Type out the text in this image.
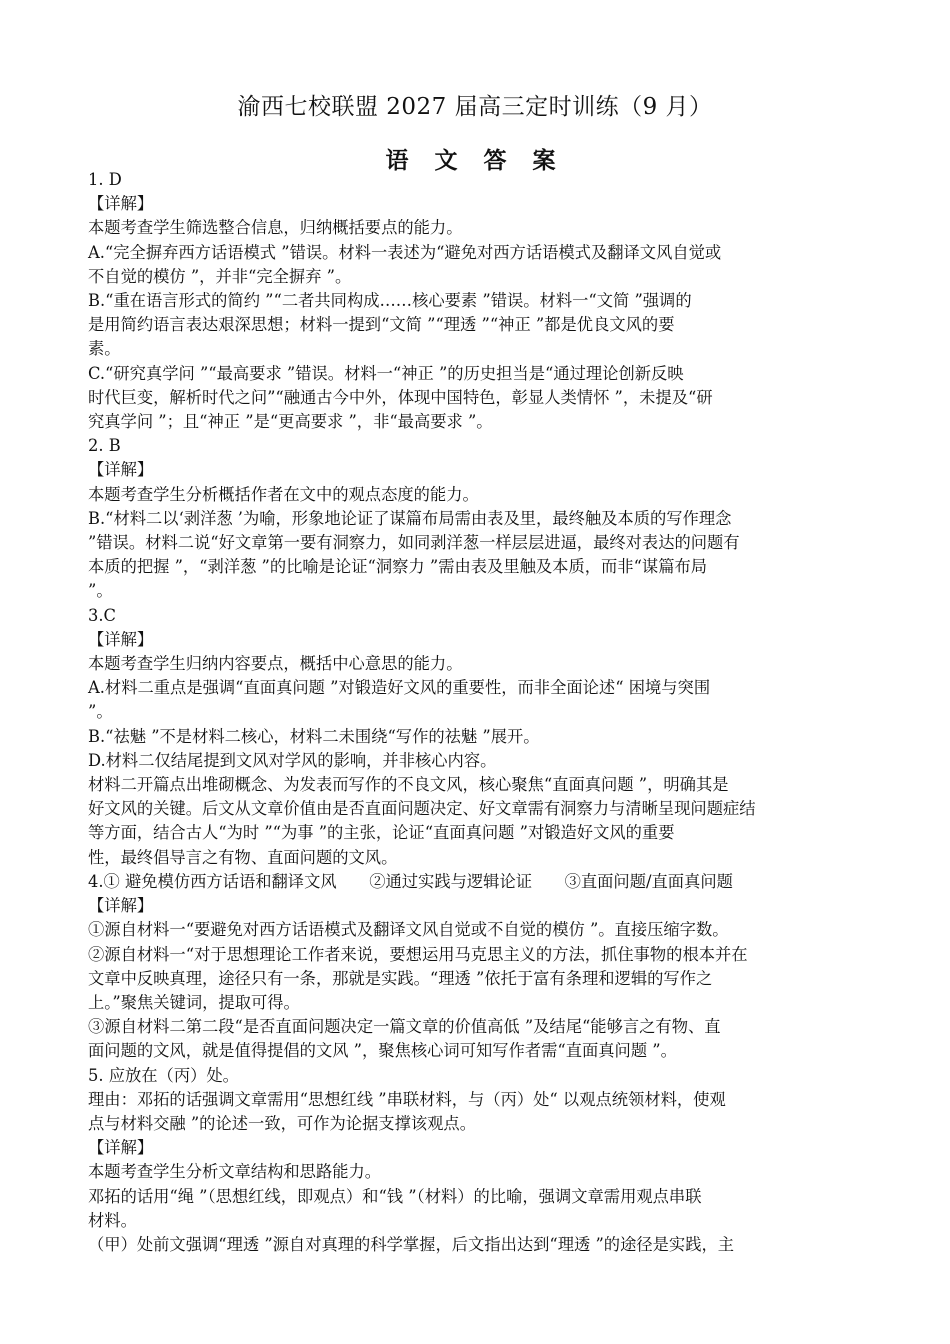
渝西七校联盟 2027 届高三定时训练（9 月）
语 文 答 案

1. D

【详解】

本题考查学生筛选整合信息，归纳概括要点的能力。

A.“完全摒弃西方话语模式 ”错误。材料一表述为“避免对西方话语模式及翻译文风自觉或

不自觉的模仿 ”，并非“完全摒弃 ”。

B.“重在语言形式的简约 ”“二者共同构成……核心要素 ”错误。材料一“文简 ”强调的

是用简约语言表达艰深思想；材料一提到“文简 ”“理透 ”“神正 ”都是优良文风的要

素。

C.“研究真学问 ”“最高要求 ”错误。材料一“神正 ”的历史担当是“通过理论创新反映

时代巨变，解析时代之问”“融通古今中外，体现中国特色，彰显人类情怀 ”，未提及“研

究真学问 ”；且“神正 ”是“更高要求 ”，非“最高要求 ”。

2. B

【详解】

本题考查学生分析概括作者在文中的观点态度的能力。

B.“材料二以‘剥洋葱 ’为喻，形象地论证了谋篇布局需由表及里，最终触及本质的写作理念

”错误。材料二说“好文章第一要有洞察力，如同剥洋葱一样层层进逼，最终对表达的问题有

本质的把握 ”，“剥洋葱 ”的比喻是论证“洞察力 ”需由表及里触及本质，而非“谋篇布局

”。

3.C

【详解】

本题考查学生归纳内容要点，概括中心意思的能力。

A.材料二重点是强调“直面真问题 ”对锻造好文风的重要性，而非全面论述“ 困境与突围

”。

B.“祛魅 ”不是材料二核心，材料二未围绕“写作的祛魅 ”展开。

D.材料二仅结尾提到文风对学风的影响，并非核心内容。

材料二开篇点出堆砌概念、为发表而写作的不良文风，核心聚焦“直面真问题 ”，明确其是

好文风的关键。后文从文章价值由是否直面问题决定、好文章需有洞察力与清晰呈现问题症结

等方面，结合古人“为时 ”“为事 ”的主张，论证“直面真问题 ”对锻造好文风的重要

性，最终倡导言之有物、直面问题的文风。

4.① 避免模仿西方话语和翻译文风　　②通过实践与逻辑论证　　③直面问题/直面真问题

【详解】

①源自材料一“要避免对西方话语模式及翻译文风自觉或不自觉的模仿 ”。直接压缩字数。

②源自材料一“对于思想理论工作者来说，要想运用马克思主义的方法，抓住事物的根本并在

文章中反映真理，途径只有一条，那就是实践。“理透 ”依托于富有条理和逻辑的写作之

上。”聚焦关键词，提取可得。

③源自材料二第二段“是否直面问题决定一篇文章的价值高低 ”及结尾“能够言之有物、直

面问题的文风，就是值得提倡的文风 ”，聚焦核心词可知写作者需“直面真问题 ”。

5. 应放在（丙）处。

理由：邓拓的话强调文章需用“思想红线 ”串联材料，与（丙）处“ 以观点统领材料，使观

点与材料交融 ”的论述一致，可作为论据支撑该观点。

【详解】

本题考查学生分析文章结构和思路能力。

邓拓的话用“绳 ”（思想红线，即观点）和“钱 ”（材料）的比喻，强调文章需用观点串联

材料。

（甲）处前文强调“理透 ”源自对真理的科学掌握，后文指出达到“理透 ”的途径是实践，主
